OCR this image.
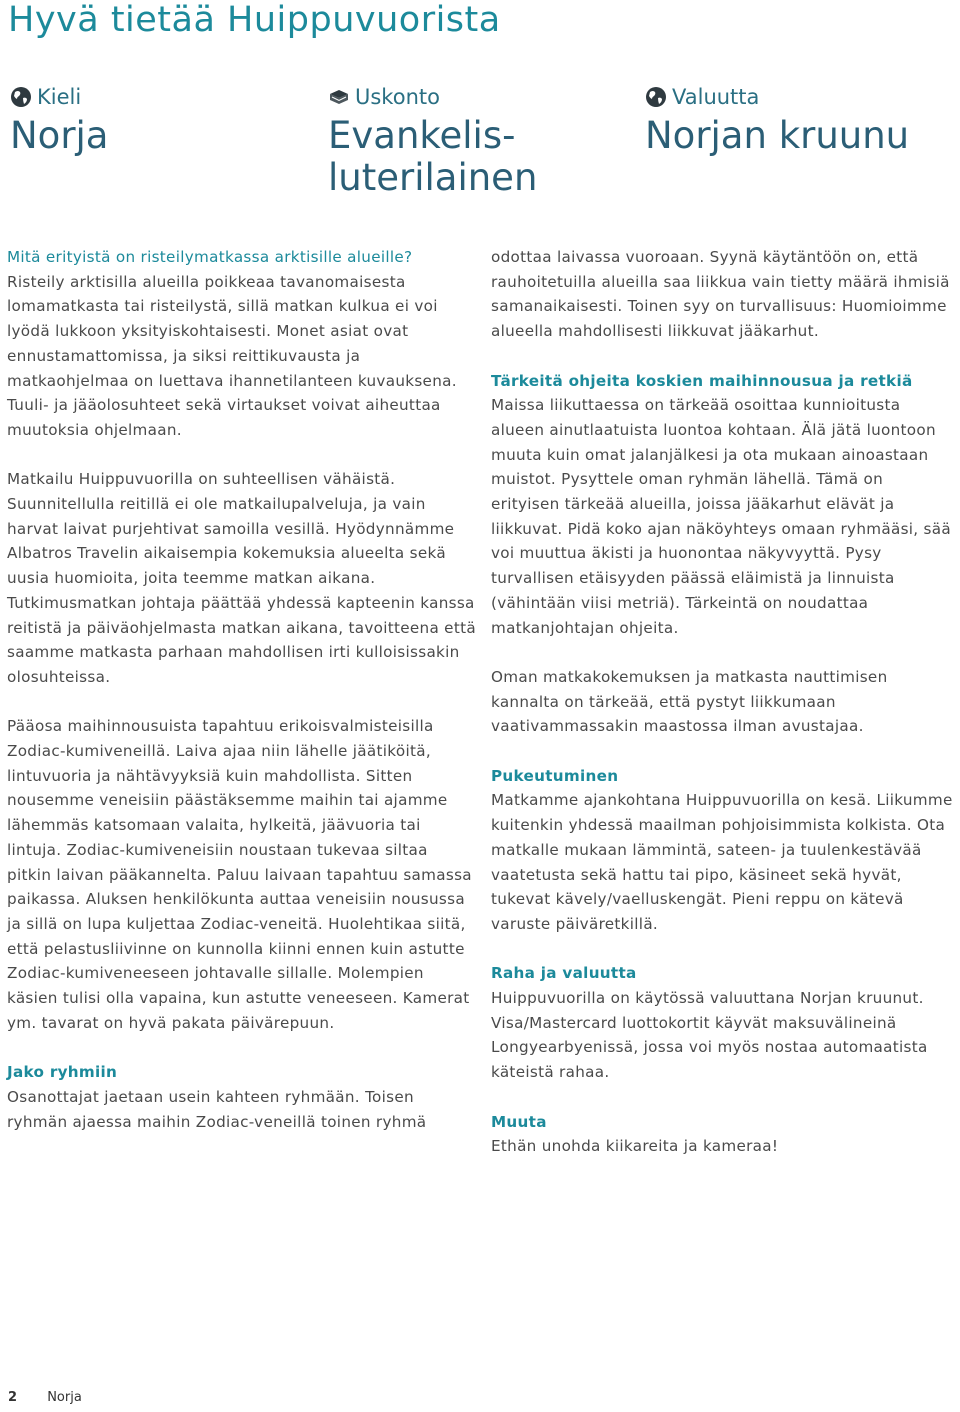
Hyvä tietää Huippuvuorista
Kieli
Norja
Uskonto
Evankelis-
luterilainen
Valuutta
Norjan kruunu

Mitä erityistä on risteilymatkassa arktisille alueille?
Risteily arktisilla alueilla poikkeaa tavanomaisesta lomamatkasta tai risteilystä, sillä matkan kulkua ei voi lyödä lukkoon yksityiskohtaisesti. Monet asiat ovat ennustamattomissa, ja siksi reittikuvausta ja matkaohjelmaa on luettava ihannetilanteen kuvauksena. Tuuli- ja jääolosuhteet sekä virtaukset voivat aiheuttaa muutoksia ohjelmaan.

Matkailu Huippuvuorilla on suhteellisen vähäistä. Suunnitellulla reitillä ei ole matkailupalveluja, ja vain harvat laivat purjehtivat samoilla vesillä. Hyödynnämme Albatros Travelin aikaisempia kokemuksia alueelta sekä uusia huomioita, joita teemme matkan aikana. Tutkimusmatkan johtaja päättää yhdessä kapteenin kanssa reitistä ja päiväohjelmasta matkan aikana, tavoitteena että saamme matkasta parhaan mahdollisen irti kulloisissakin olosuhteissa.

Pääosa maihinnousuista tapahtuu erikoisvalmisteisilla Zodiac-kumiveneillä. Laiva ajaa niin lähelle jäätiköitä, lintuvuoria ja nähtävyyksiä kuin mahdollista. Sitten nousemme veneisiin päästäksemme maihin tai ajamme lähemmäs katsomaan valaita, hylkeitä, jäävuoria tai lintuja. Zodiac-kumiveneisiin noustaan tukevaa siltaa pitkin laivan pääkannelta. Paluu laivaan tapahtuu samassa paikassa. Aluksen henkilökunta auttaa veneisiin nousussa ja sillä on lupa kuljettaa Zodiac-veneitä. Huolehtikaa siitä, että pelastusliivinne on kunnolla kiinni ennen kuin astutte Zodiac-kumiveneeseen johtavalle sillalle. Molempien käsien tulisi olla vapaina, kun astutte veneeseen. Kamerat ym. tavarat on hyvä pakata päivärepuun.

Jako ryhmiin

Osanottajat jaetaan usein kahteen ryhmään. Toisen ryhmän ajaessa maihin Zodiac-veneillä toinen ryhmä

odottaa laivassa vuoroaan. Syynä käytäntöön on, että rauhoitetuilla alueilla saa liikkua vain tietty määrä ihmisiä samanaikaisesti. Toinen syy on turvallisuus: Huomioimme alueella mahdollisesti liikkuvat jääkarhut.

Tärkeitä ohjeita koskien maihinnousua ja retkiä

Maissa liikuttaessa on tärkeää osoittaa kunnioitusta alueen ainutlaatuista luontoa kohtaan. Älä jätä luontoon muuta kuin omat jalanjälkesi ja ota mukaan ainoastaan muistot. Pysyttele oman ryhmän lähellä. Tämä on erityisen tärkeää alueilla, joissa jääkarhut elävät ja liikkuvat. Pidä koko ajan näköyhteys omaan ryhmääsi, sää voi muuttua äkisti ja huonontaa näkyvyyttä. Pysy turvallisen etäisyyden päässä eläimistä ja linnuista (vähintään viisi metriä). Tärkeintä on noudattaa matkanjohtajan ohjeita.

Oman matkakokemuksen ja matkasta nauttimisen kannalta on tärkeää, että pystyt liikkumaan vaativammassakin maastossa ilman avustajaa.

Pukeutuminen

Matkamme ajankohtana Huippuvuorilla on kesä. Liikumme kuitenkin yhdessä maailman pohjoisimmista kolkista. Ota matkalle mukaan lämmintä, sateen- ja tuulenkestävää vaatetusta sekä hattu tai pipo, käsineet sekä hyvät, tukevat kävely/vaelluskengät. Pieni reppu on kätevä varuste päiväretkillä.

Raha ja valuutta

Huippuvuorilla on käytössä valuuttana Norjan kruunut. Visa/Mastercard luottokortit käyvät maksuvälineinä Longyearbyenissä, jossa voi myös nostaa automaatista käteistä rahaa.

Muuta

Ethän unohda kiikareita ja kameraa!

2 Norja
